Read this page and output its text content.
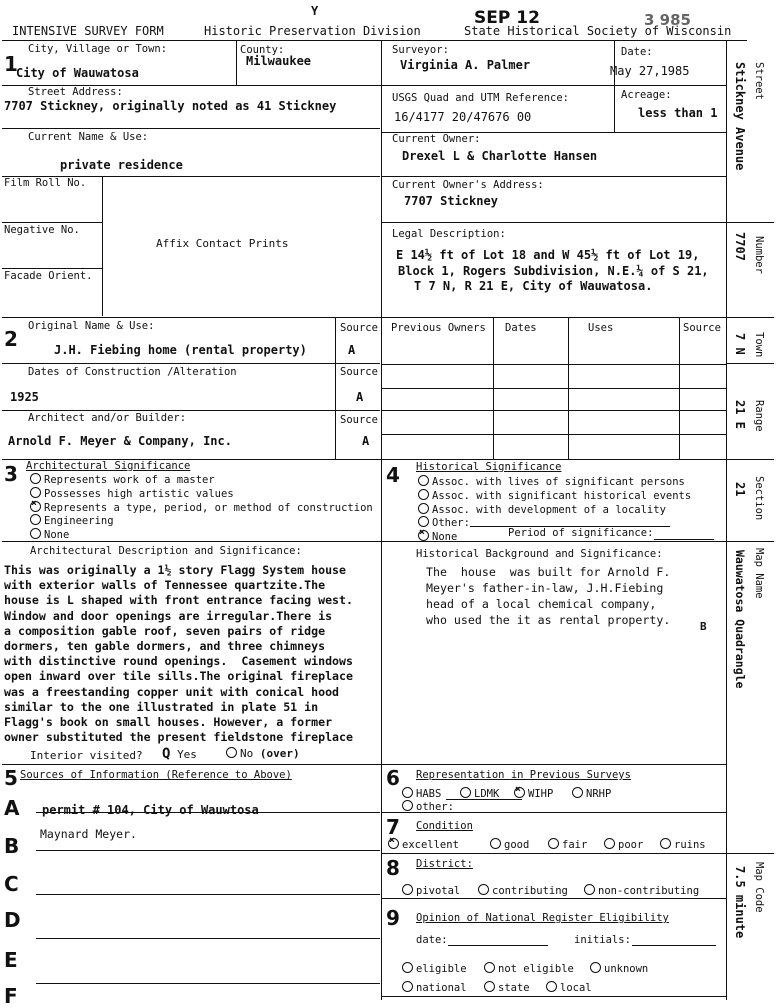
Y
INTENSIVE SURVEY FORM	Historic Preservation Division	State Historical Society of Wisconsin
SEP 12	3 985
1
City, Village or Town:
City of Wauwatosa
County:
Milwaukee
Surveyor:
Virginia A. Palmer
Date:
May 27,1985
Street Address:
7707 Stickney, originally noted as 41 Stickney
USGS Quad and UTM Reference:
16/4177 20/47676 00
Acreage:
less than 1
Current Name & Use:
private residence
Current Owner:
Drexel L & Charlotte Hansen
Film Roll No.	Current Owner's Address:
7707 Stickney
Negative No.
Affix Contact Prints
Legal Description:
E 14½ ft of Lot 18 and W 45½ ft of Lot 19,
Block 1, Rogers Subdivision, N.E.¼ of S 21,
T 7 N, R 21 E, City of Wauwatosa.
Facade Orient.
2
Original Name & Use:
J.H. Fiebing home (rental property)
Source
A
Dates of Construction /Alteration
1925
Source
A
Architect and/or Builder:
Arnold F. Meyer & Company, Inc.
Source
A
Previous Owners Dates	Uses	Source
3 Architectural Significance
Represents work of a master
Possesses high artistic values
×Represents a type, period, or method of construction
Engineering
None
Architectural Description and Significance:
This was originally a 1½ story Flagg System house
with exterior walls of Tennessee quartzite.The
house is L shaped with front entrance facing west.
Window and door openings are irregular.There is
a composition gable roof, seven pairs of ridge
dormers, ten gable dormers, and three chimneys
with distinctive round openings.  Casement windows
open inward over tile sills.The original fireplace
was a freestanding copper unit with conical hood
similar to the one illustrated in plate 51 in
Flagg's book on small houses. However, a former
owner substituted the present fieldstone fireplace
Interior visited? Q Yes	No (over)
4 Historical Significance
Assoc. with lives of significant persons
Assoc. with significant historical events
Assoc. with development of a locality
Other:
×None	Period of significance:
Historical Background and Significance:
The  house  was built for Arnold F.
Meyer's father-in-law, J.H.Fiebing
head of a local chemical company,
who used the it as rental property.	B
5 Sources of Information (Reference to Above)
A permit # 104, City of Wauwtosa
Maynard Meyer.
B
C
D
E
F
6 Representation in Previous Surveys
HABS	LDMK
×	WIHP	NRHP
other:
7 Condition
×excellent	good	fair	poor	ruins
8 District:
pivotal	contributing	non-contributing
9 Opinion of National Register Eligibility
date:	initials:
eligible	not eligible	unknown
national	state	local
Street
Stickney Avenue
Number
7707
Town
7 N
Range
21 E
Section
21
Map Name
Wauwatosa Quadrangle
Map Code
7.5 minute
